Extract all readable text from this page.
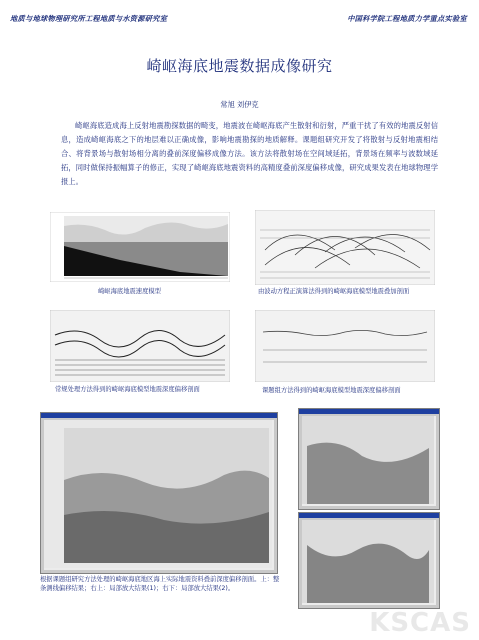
地质与地球物理研究所工程地质与水资源研究室	中国科学院工程地质力学重点实验室
崎岖海底地震数据成像研究
常旭 刘伊克
崎岖海底造成海上反射地震勘探数据的畸变，地震波在崎岖海底产生散射和衍射，严重干扰了有效的地震反射信息，造成崎岖海底之下的地层难以正确成像，影响地震勘探的地质解释。课题组研究开发了将散射与反射地震相结合、将背景场与散射场相分离的叠前深度偏移成像方法。该方法将散射场在空间域延拓，背景场在频率与波数域延拓，同时做保持振幅算子的修正，实现了崎岖海底地震资料的高精度叠前深度偏移成像，研究成果发表在地球物理学报上。
崎岖海底地震速度模型	由波动方程正演算法得到的崎岖海底模型地震叠加剖面
常规处理方法得到的崎岖海底模型地震深度偏移剖面	课题组方法得到的崎岖海底模型地震深度偏移剖面
根据课题组研究方法处理的崎岖海底地区海上实际地震资料叠前深度偏移剖面。上：整条测线偏移结果；右上：局部放大结果(1)；右下：局部放大结果(2)。
KSCAS
